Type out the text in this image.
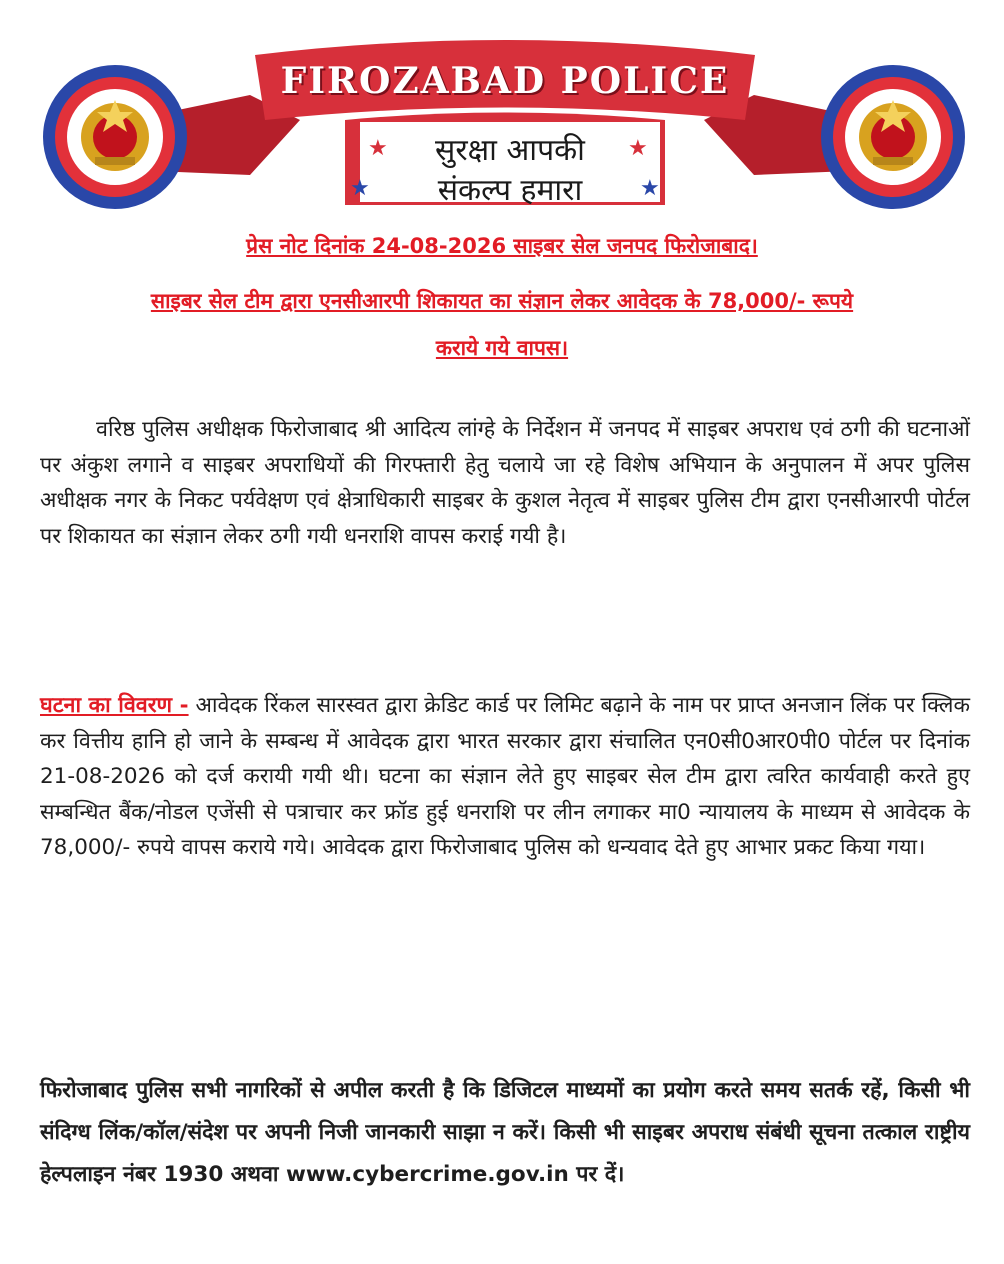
FIROZABAD POLICE
★	सुरक्षा आपकी	★
★	संकल्प हमारा	★
प्रेस नोट दिनांक 24-08-2026 साइबर सेल जनपद फिरोजाबाद।
साइबर सेल टीम द्वारा एनसीआरपी शिकायत का संज्ञान लेकर आवेदक के 78,000/- रूपये
कराये गये वापस।
वरिष्ठ पुलिस अधीक्षक फिरोजाबाद श्री आदित्य लांग्हे के निर्देशन में जनपद में साइबर अपराध एवं ठगी की घटनाओं पर अंकुश लगाने व साइबर अपराधियों की गिरफ्तारी हेतु चलाये जा रहे विशेष अभियान के अनुपालन में अपर पुलिस अधीक्षक नगर के निकट पर्यवेक्षण एवं क्षेत्राधिकारी साइबर के कुशल नेतृत्व में साइबर पुलिस टीम द्वारा एनसीआरपी पोर्टल पर शिकायत का संज्ञान लेकर ठगी गयी धनराशि वापस कराई गयी है।
घटना का विवरण - आवेदक रिंकल सारस्वत द्वारा क्रेडिट कार्ड पर लिमिट बढ़ाने के नाम पर प्राप्त अनजान लिंक पर क्लिक कर वित्तीय हानि हो जाने के सम्बन्ध में आवेदक द्वारा भारत सरकार द्वारा संचालित एन0सी0आर0पी0 पोर्टल पर दिनांक 21-08-2026 को दर्ज करायी गयी थी। घटना का संज्ञान लेते हुए साइबर सेल टीम द्वारा त्वरित कार्यवाही करते हुए सम्बन्धित बैंक/नोडल एजेंसी से पत्राचार कर फ्रॉड हुई धनराशि पर लीन लगाकर मा0 न्यायालय के माध्यम से आवेदक के 78,000/- रुपये वापस कराये गये। आवेदक द्वारा फिरोजाबाद पुलिस को धन्यवाद देते हुए आभार प्रकट किया गया।
फिरोजाबाद पुलिस सभी नागरिकों से अपील करती है कि डिजिटल माध्यमों का प्रयोग करते समय सतर्क रहें, किसी भी संदिग्ध लिंक/कॉल/संदेश पर अपनी निजी जानकारी साझा न करें। किसी भी साइबर अपराध संबंधी सूचना तत्काल राष्ट्रीय हेल्पलाइन नंबर 1930 अथवा www.cybercrime.gov.in पर दें।
